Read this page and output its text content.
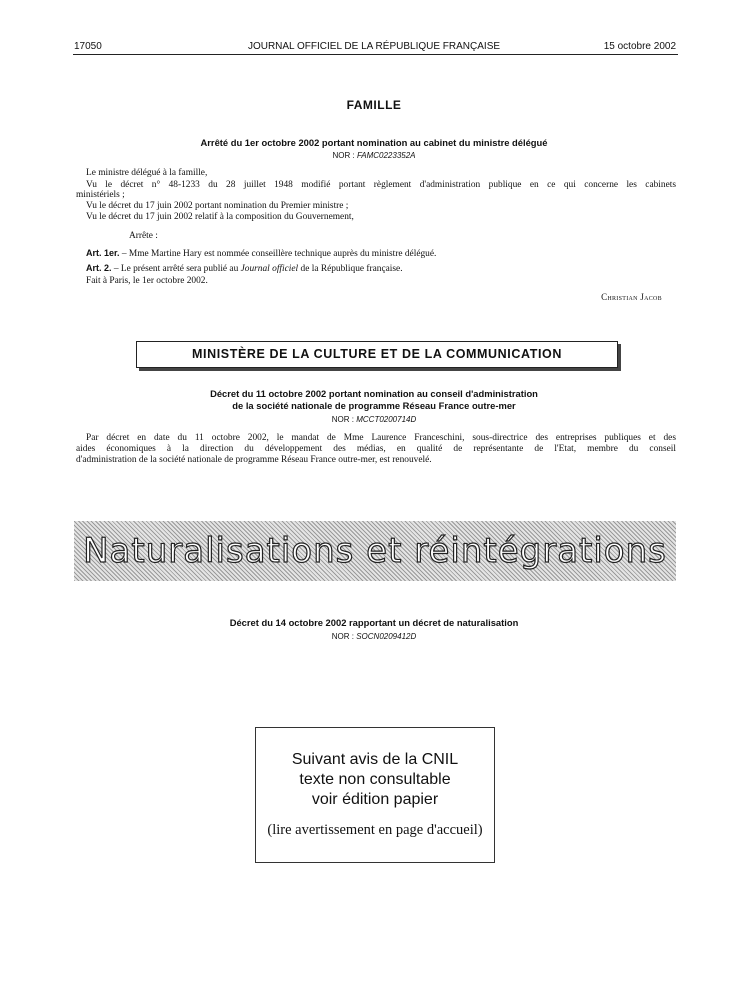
17050	JOURNAL OFFICIEL DE LA RÉPUBLIQUE FRANÇAISE	15 octobre 2002
FAMILLE
Arrêté du 1er octobre 2002 portant nomination au cabinet du ministre délégué
NOR : FAMC0223352A
Le ministre délégué à la famille,
Vu le décret n° 48-1233 du 28 juillet 1948 modifié portant règlement d'administration publique en ce qui concerne les cabinets
ministériels ;
Vu le décret du 17 juin 2002 portant nomination du Premier ministre ;
Vu le décret du 17 juin 2002 relatif à la composition du Gouvernement,
Arrête :
Art. 1er. – Mme Martine Hary est nommée conseillère technique auprès du ministre délégué.
Art. 2. – Le présent arrêté sera publié au Journal officiel de la République française.
Fait à Paris, le 1er octobre 2002.
Christian Jacob
MINISTÈRE DE LA CULTURE ET DE LA COMMUNICATION
Décret du 11 octobre 2002 portant nomination au conseil d'administration
de la société nationale de programme Réseau France outre-mer
NOR : MCCT0200714D
Par décret en date du 11 octobre 2002, le mandat de Mme Laurence Franceschini, sous-directrice des entreprises publiques et des
aides économiques à la direction du développement des médias, en qualité de représentante de l'Etat, membre du conseil
d'administration de la société nationale de programme Réseau France outre-mer, est renouvelé.
Naturalisations et réintégrations
Décret du 14 octobre 2002 rapportant un décret de naturalisation
NOR : SOCN0209412D
Suivant avis de la CNIL
texte non consultable
voir édition papier
(lire avertissement en page d'accueil)
